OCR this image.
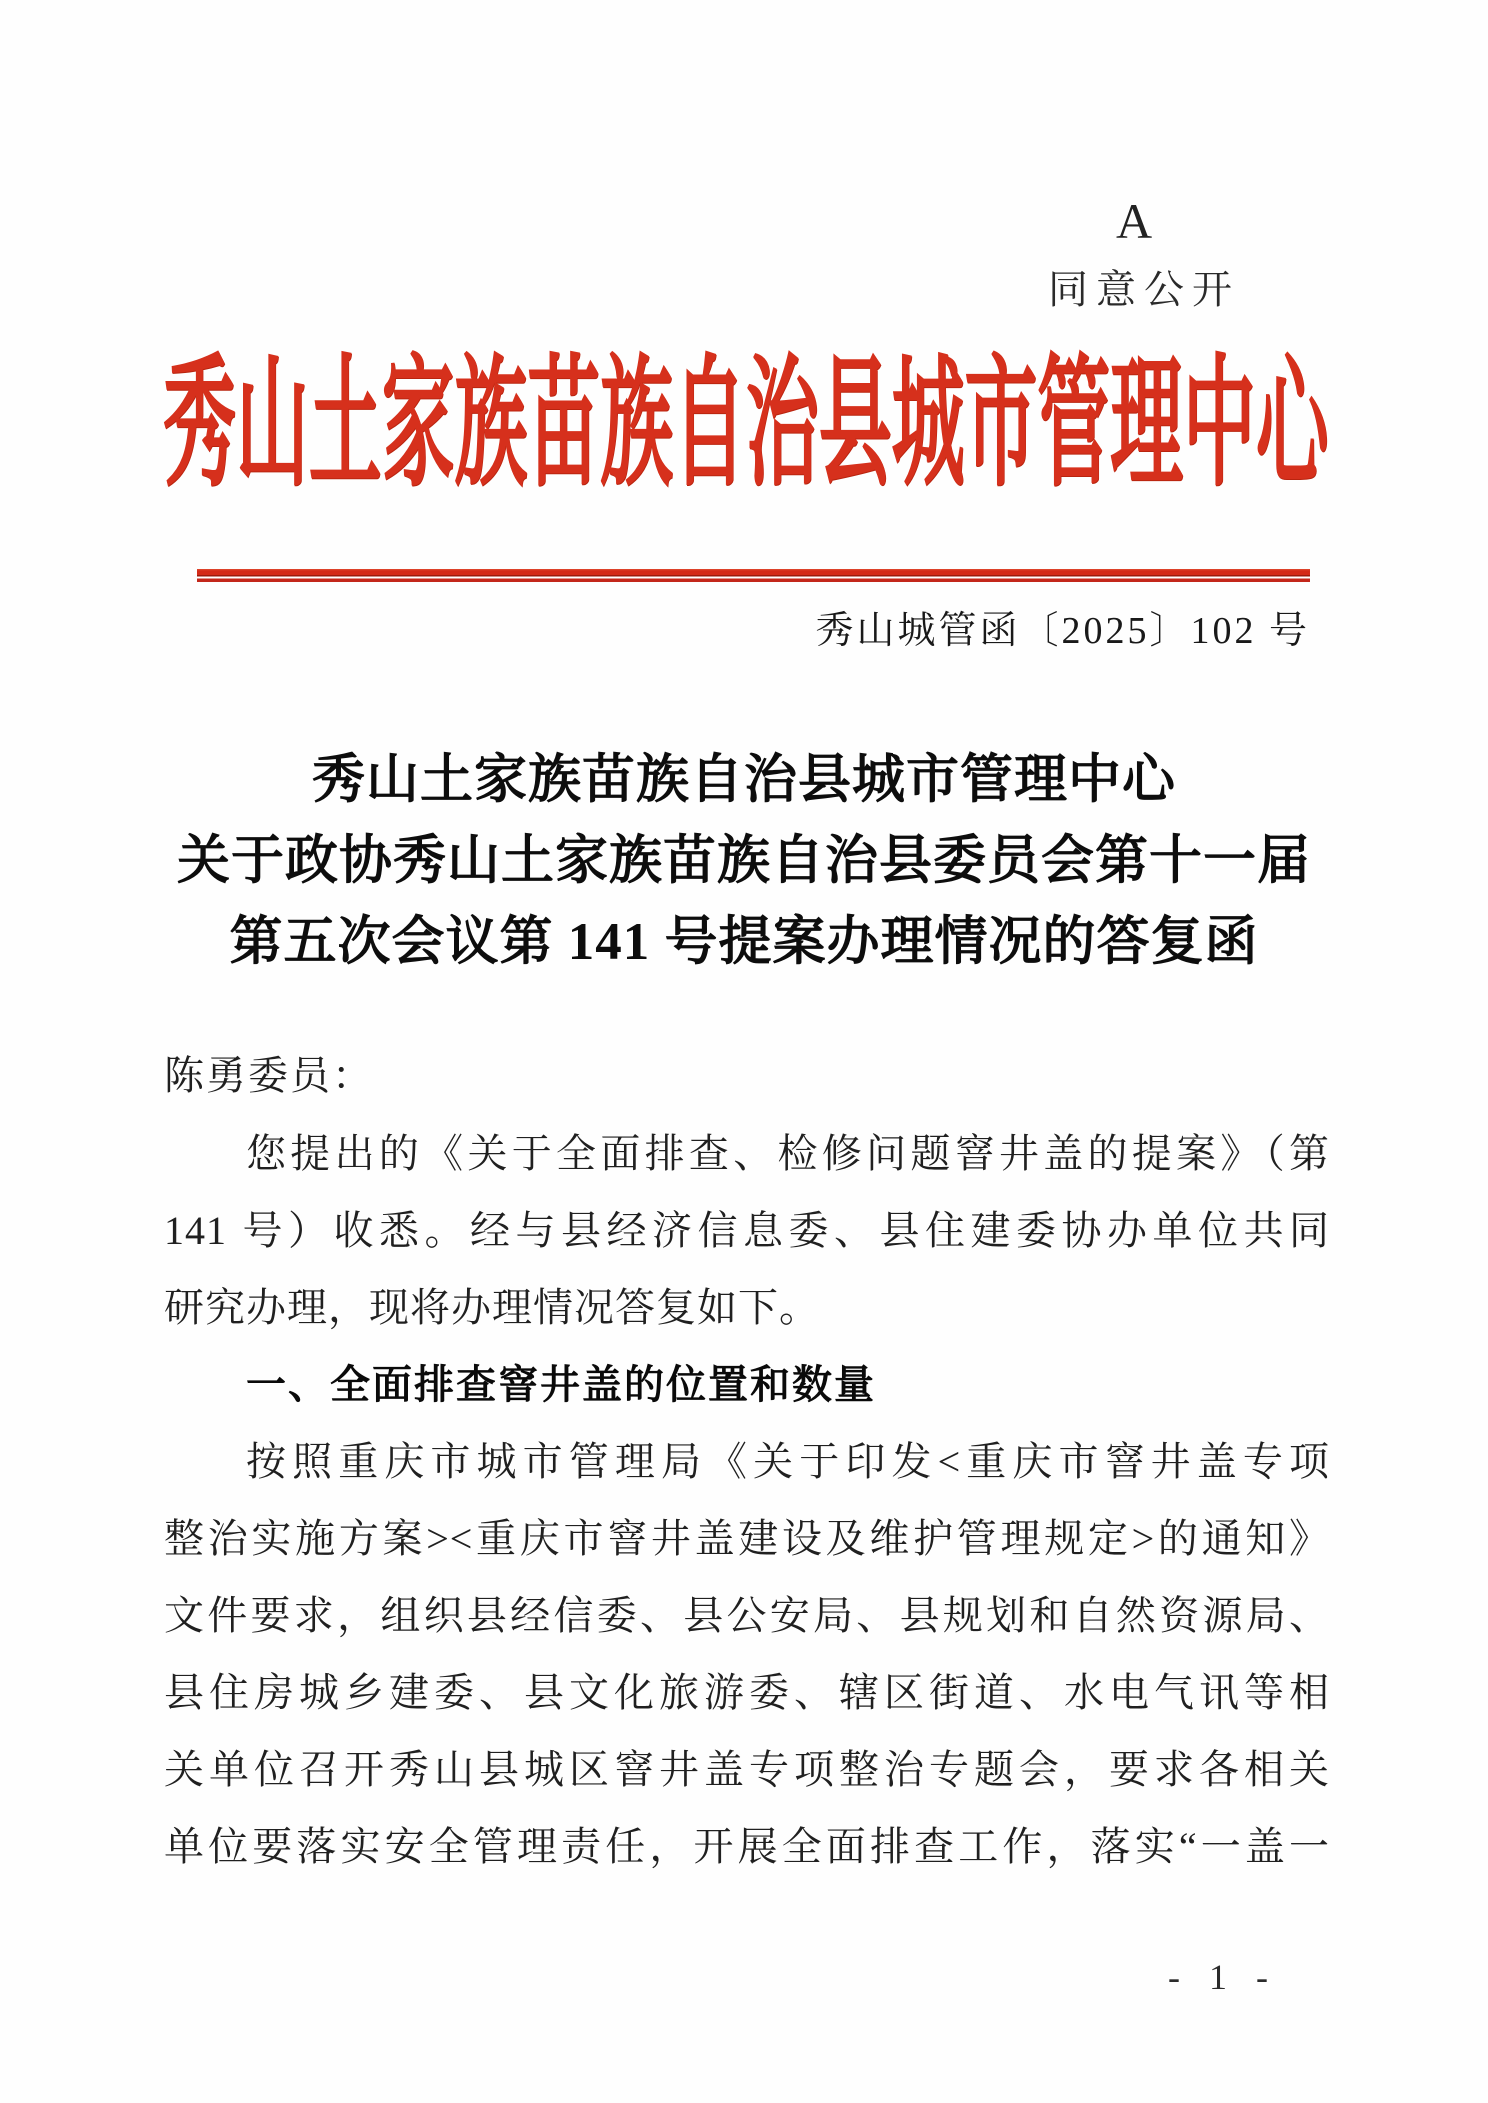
A
同意公开
秀山土家族苗族自治县城市管理中心
秀山城管函〔2025〕102 号
秀山土家族苗族自治县城市管理中心
关于政协秀山土家族苗族自治县委员会第十一届
第五次会议第 141 号提案办理情况的答复函
陈勇委员：
您提出的《关于全面排查、检修问题窨井盖的提案》（第
141 号）收悉。经与县经济信息委、县住建委协办单位共同
研究办理，现将办理情况答复如下。
一、全面排查窨井盖的位置和数量
按照重庆市城市管理局《关于印发<重庆市窨井盖专项
整治实施方案><重庆市窨井盖建设及维护管理规定>的通知》
文件要求，组织县经信委、县公安局、县规划和自然资源局、
县住房城乡建委、县文化旅游委、辖区街道、水电气讯等相
关单位召开秀山县城区窨井盖专项整治专题会，要求各相关
单位要落实安全管理责任，开展全面排查工作，落实“一盖一
- 1 -
